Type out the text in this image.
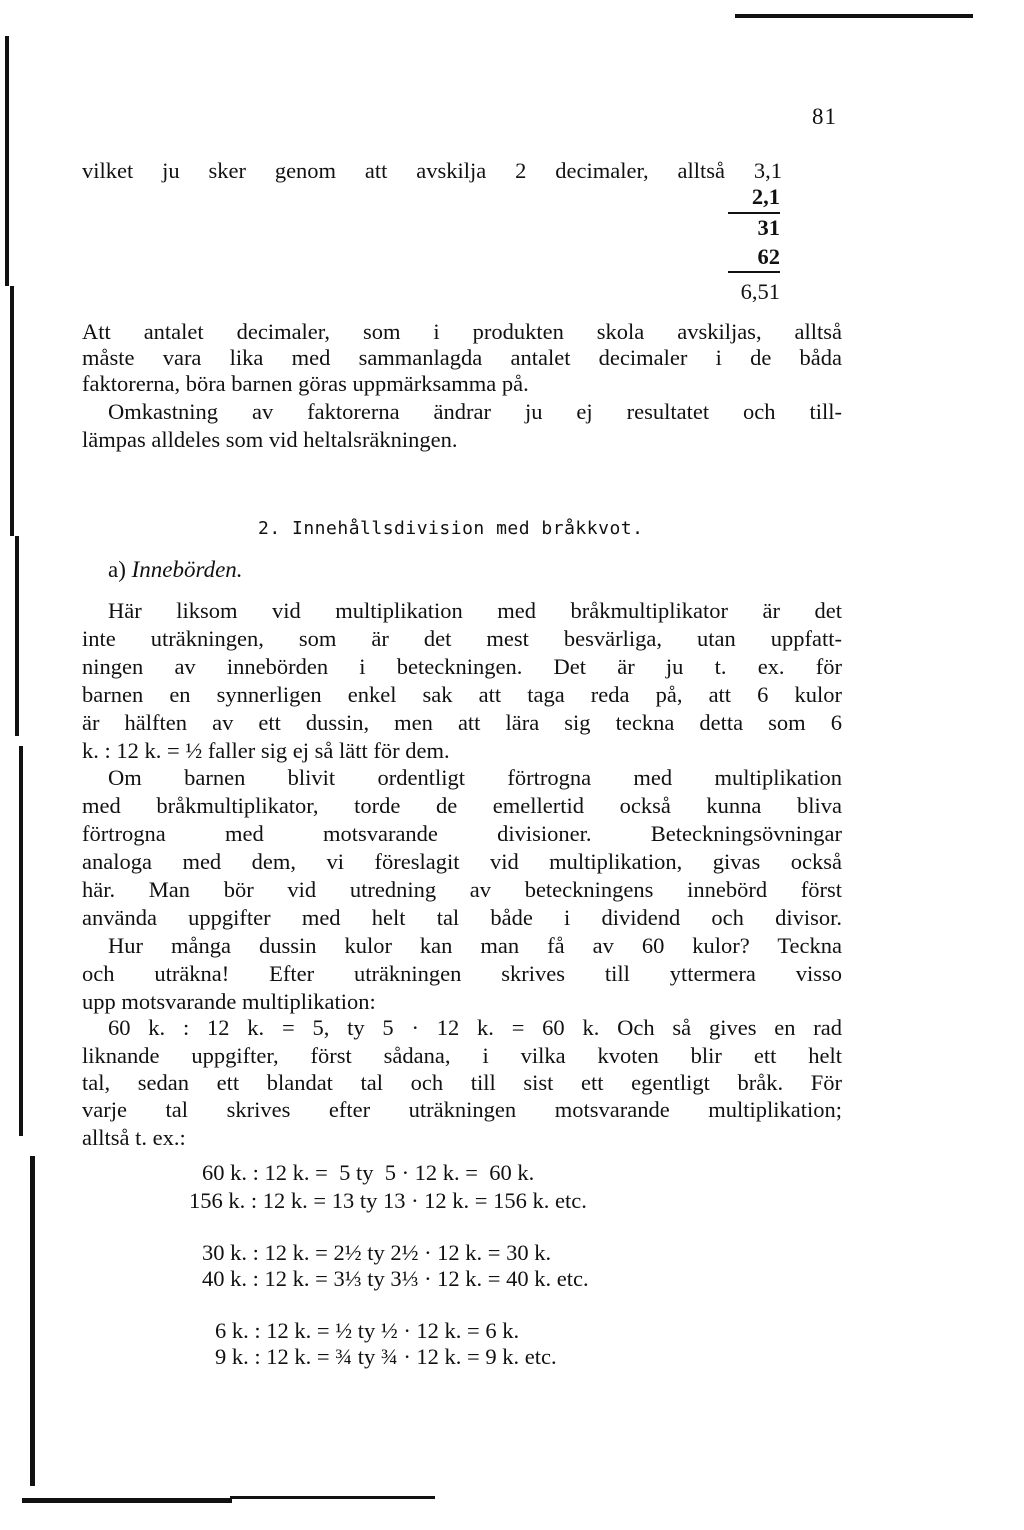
81
vilket ju sker genom att avskilja 2 decimaler, alltså 3,1
2,1
31
62
6,51
Att antalet decimaler, som i produkten skola avskiljas, alltså
måste vara lika med sammanlagda antalet decimaler i de båda
faktorerna, böra barnen göras uppmärksamma på.
Omkastning av faktorerna ändrar ju ej resultatet och till-
lämpas alldeles som vid heltalsräkningen.
2. Innehållsdivision med bråkkvot.
a) Innebörden.
Här liksom vid multiplikation med bråkmultiplikator är det
inte uträkningen, som är det mest besvärliga, utan uppfatt-
ningen av innebörden i beteckningen. Det är ju t. ex. för
barnen en synnerligen enkel sak att taga reda på, att 6 kulor
är hälften av ett dussin, men att lära sig teckna detta som 6
k. : 12 k. = ½ faller sig ej så lätt för dem.
Om barnen blivit ordentligt förtrogna med multiplikation
med bråkmultiplikator, torde de emellertid också kunna bliva
förtrogna med motsvarande divisioner. Beteckningsövningar
analoga med dem, vi föreslagit vid multiplikation, givas också
här. Man bör vid utredning av beteckningens innebörd först
använda uppgifter med helt tal både i dividend och divisor.
Hur många dussin kulor kan man få av 60 kulor? Teckna
och uträkna! Efter uträkningen skrives till yttermera visso
upp motsvarande multiplikation:
60 k. : 12 k. = 5, ty 5 · 12 k. = 60 k. Och så gives en rad
liknande uppgifter, först sådana, i vilka kvoten blir ett helt
tal, sedan ett blandat tal och till sist ett egentligt bråk. För
varje tal skrives efter uträkningen motsvarande multiplikation;
alltså t. ex.:
60 k. : 12 k. =  5 ty  5 · 12 k. =  60 k.
156 k. : 12 k. = 13 ty 13 · 12 k. = 156 k. etc.
30 k. : 12 k. = 2½ ty 2½ · 12 k. = 30 k.
40 k. : 12 k. = 3⅓ ty 3⅓ · 12 k. = 40 k. etc.
6 k. : 12 k. = ½ ty ½ · 12 k. = 6 k.
9 k. : 12 k. = ¾ ty ¾ · 12 k. = 9 k. etc.
